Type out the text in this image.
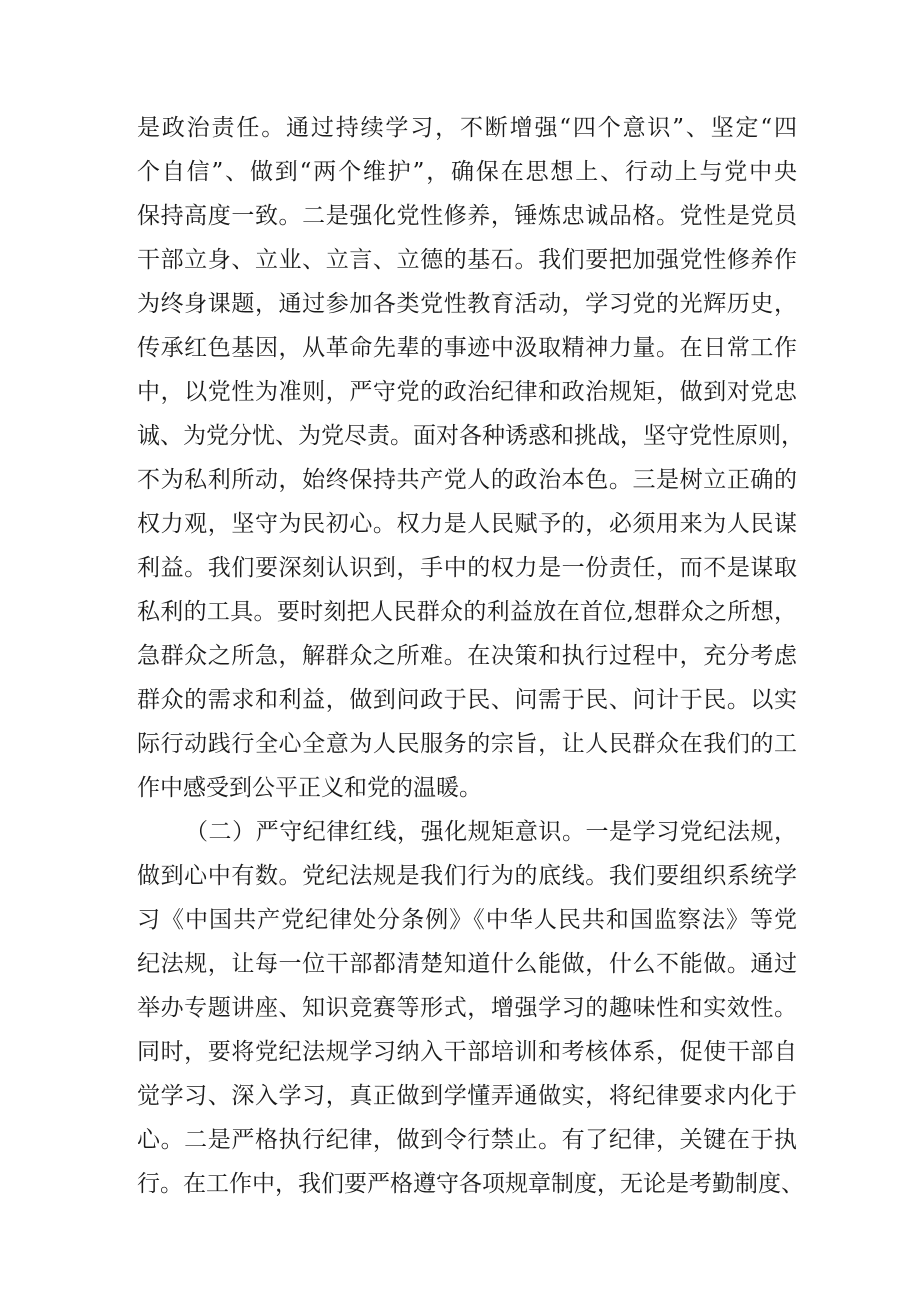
是政治责任。通过持续学习，不断增强“四个意识”、坚定“四
个自信”、做到“两个维护”，确保在思想上、行动上与党中央
保持高度一致。二是强化党性修养，锤炼忠诚品格。党性是党员
干部立身、立业、立言、立德的基石。我们要把加强党性修养作
为终身课题，通过参加各类党性教育活动，学习党的光辉历史，
传承红色基因，从革命先辈的事迹中汲取精神力量。在日常工作
中，以党性为准则，严守党的政治纪律和政治规矩，做到对党忠
诚、为党分忧、为党尽责。面对各种诱惑和挑战，坚守党性原则，
不为私利所动，始终保持共产党人的政治本色。三是树立正确的
权力观，坚守为民初心。权力是人民赋予的，必须用来为人民谋
利益。我们要深刻认识到，手中的权力是一份责任，而不是谋取
私利的工具。要时刻把人民群众的利益放在首位,想群众之所想，
急群众之所急，解群众之所难。在决策和执行过程中，充分考虑
群众的需求和利益，做到问政于民、问需于民、问计于民。以实
际行动践行全心全意为人民服务的宗旨，让人民群众在我们的工
作中感受到公平正义和党的温暖。
（二）严守纪律红线，强化规矩意识。一是学习党纪法规，
做到心中有数。党纪法规是我们行为的底线。我们要组织系统学
习《中国共产党纪律处分条例》《中华人民共和国监察法》等党
纪法规，让每一位干部都清楚知道什么能做，什么不能做。通过
举办专题讲座、知识竞赛等形式，增强学习的趣味性和实效性。
同时，要将党纪法规学习纳入干部培训和考核体系，促使干部自
觉学习、深入学习，真正做到学懂弄通做实，将纪律要求内化于
心。二是严格执行纪律，做到令行禁止。有了纪律，关键在于执
行。在工作中，我们要严格遵守各项规章制度，无论是考勤制度、
